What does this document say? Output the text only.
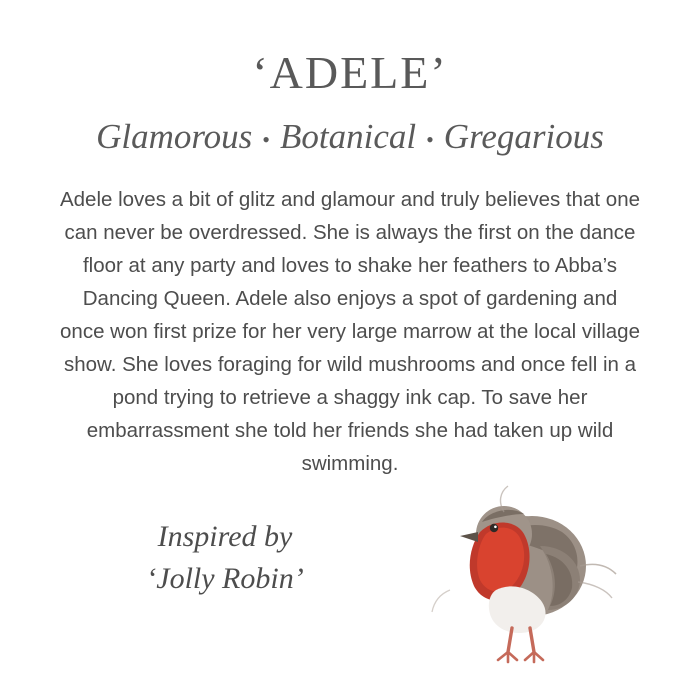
‘ADELE’
Glamorous • Botanical • Gregarious

Adele loves a bit of glitz and glamour and truly believes that one can never be overdressed. She is always the first on the dance floor at any party and loves to shake her feathers to Abba’s Dancing Queen. Adele also enjoys a spot of gardening and once won first prize for her very large marrow at the local village show. She loves foraging for wild mushrooms and once fell in a pond trying to retrieve a shaggy ink cap. To save her embarrassment she told her friends she had taken up wild swimming.

Inspired by
‘Jolly Robin’
